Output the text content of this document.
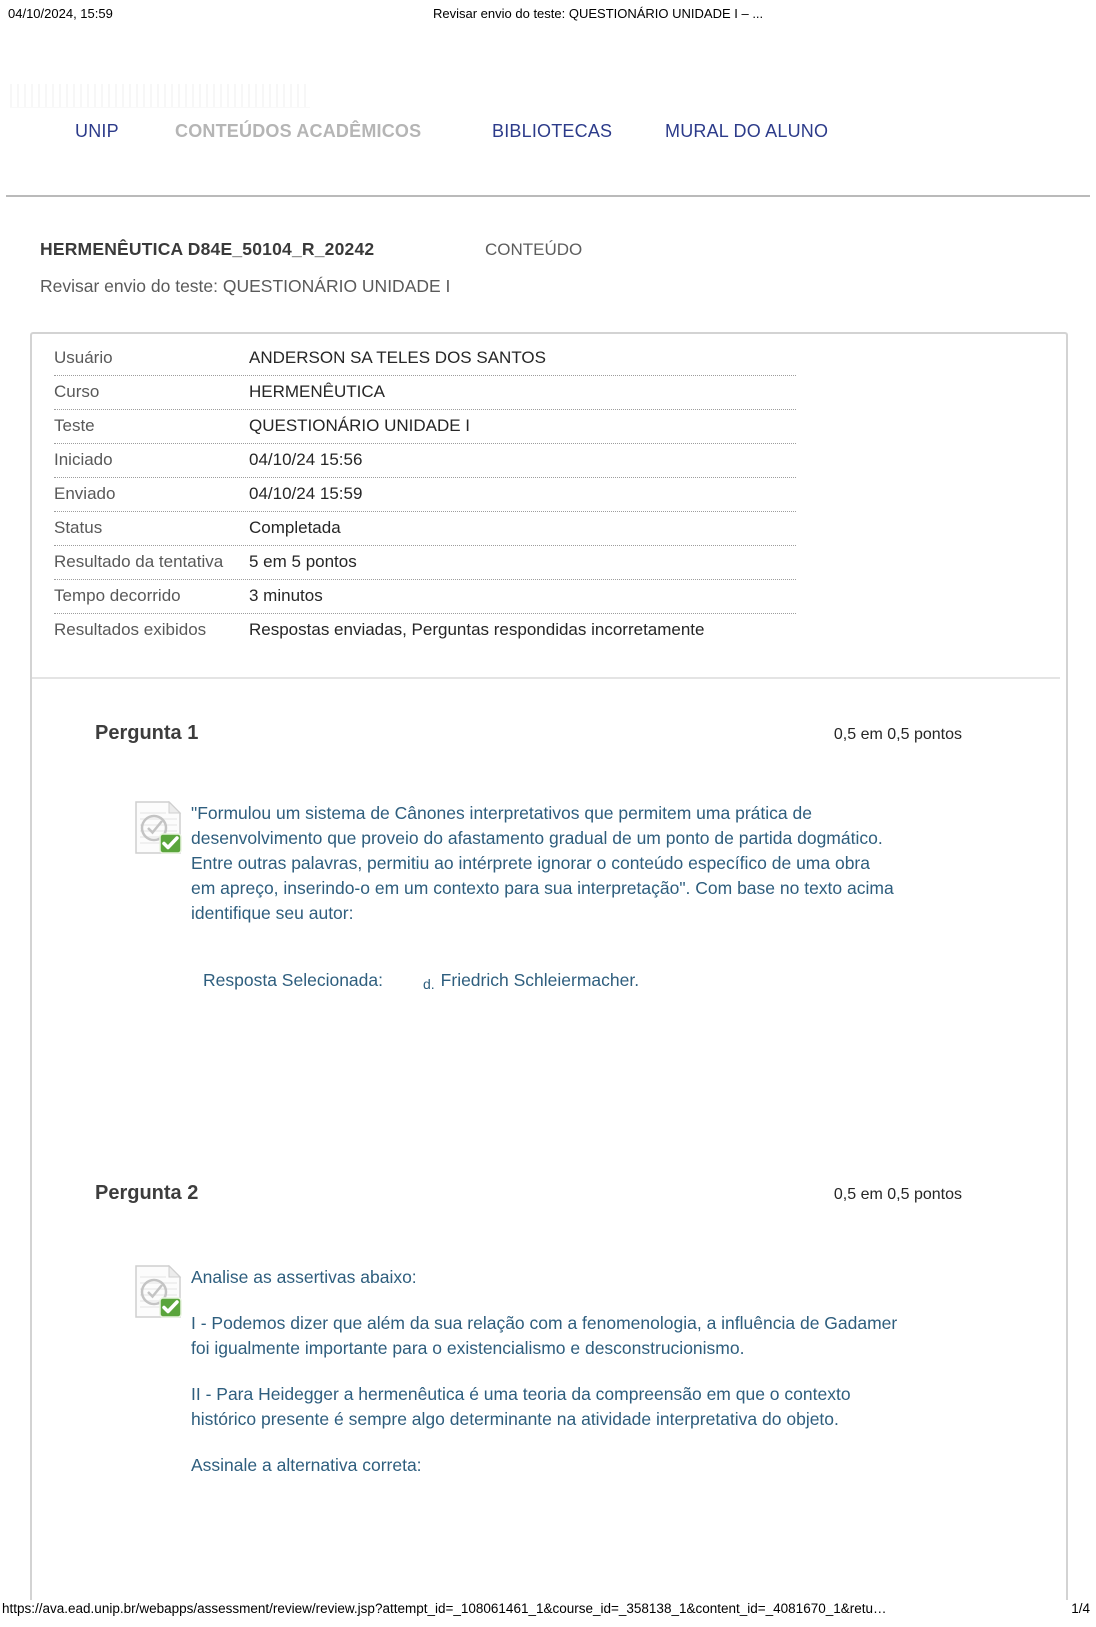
04/10/2024, 15:59	Revisar envio do teste: QUESTIONÁRIO UNIDADE I – ...
UNIP	CONTEÚDOS ACADÊMICOS	BIBLIOTECAS	MURAL DO ALUNO
HERMENÊUTICA D84E_50104_R_20242	CONTEÚDO
Revisar envio do teste: QUESTIONÁRIO UNIDADE I
Usuário	ANDERSON SA TELES DOS SANTOS
Curso	HERMENÊUTICA
Teste	QUESTIONÁRIO UNIDADE I
Iniciado	04/10/24 15:56
Enviado	04/10/24 15:59
Status	Completada
Resultado da tentativa	5 em 5 pontos
Tempo decorrido	3 minutos
Resultados exibidos	Respostas enviadas, Perguntas respondidas incorretamente
Pergunta 1	0,5 em 0,5 pontos

"Formulou um sistema de Cânones interpretativos que permitem uma prática de desenvolvimento que proveio do afastamento gradual de um ponto de partida dogmático. Entre outras palavras, permitiu ao intérprete ignorar o conteúdo específico de uma obra em apreço, inserindo-o em um contexto para sua interpretação". Com base no texto acima identifique seu autor:

Resposta Selecionada:	d. Friedrich Schleiermacher.
Pergunta 2	0,5 em 0,5 pontos

Analise as assertivas abaixo:

I - Podemos dizer que além da sua relação com a fenomenologia, a influência de Gadamer foi igualmente importante para o existencialismo e desconstrucionismo.

II - Para Heidegger a hermenêutica é uma teoria da compreensão em que o contexto histórico presente é sempre algo determinante na atividade interpretativa do objeto.

Assinale a alternativa correta:

https://ava.ead.unip.br/webapps/assessment/review/review.jsp?attempt_id=_108061461_1&course_id=_358138_1&content_id=_4081670_1&retu…	1/4
